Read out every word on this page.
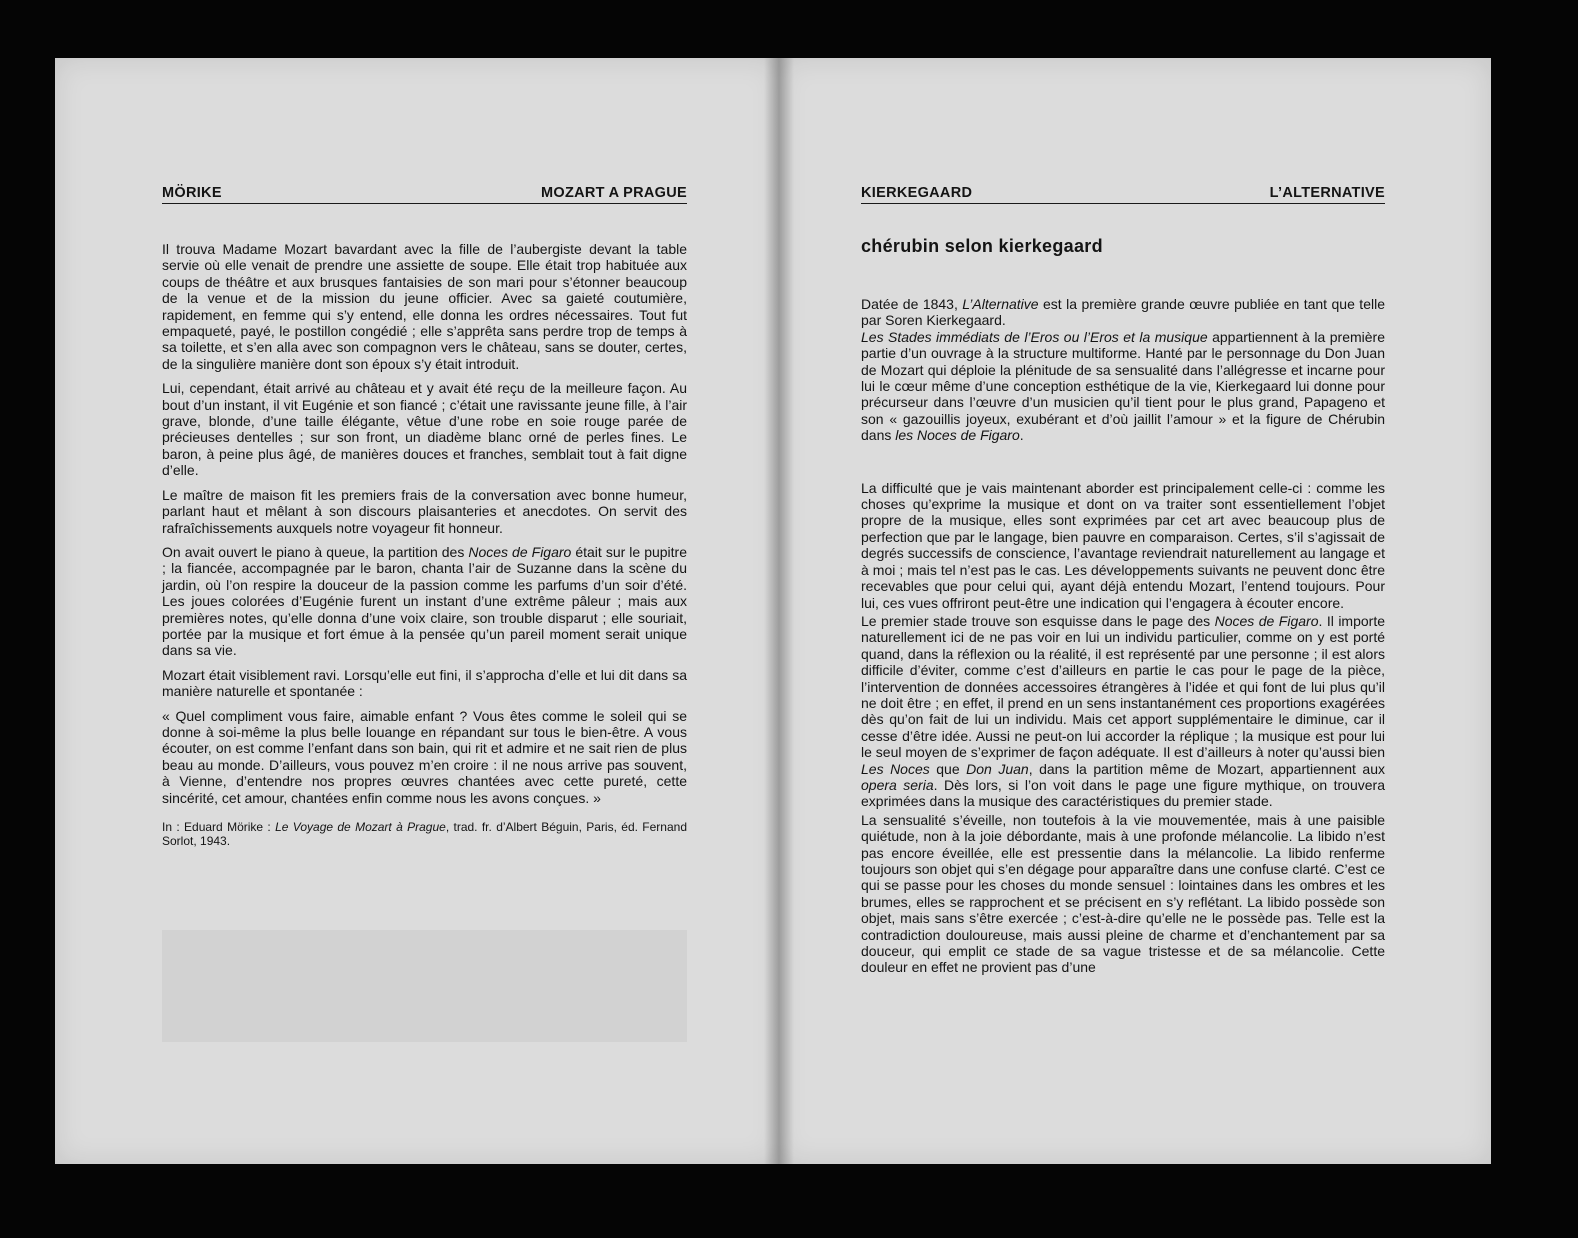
MÖRIKE	MOZART A PRAGUE

Il trouva Madame Mozart bavardant avec la fille de l’aubergiste devant la table servie où elle venait de prendre une assiette de soupe. Elle était trop habituée aux coups de théâtre et aux brusques fantaisies de son mari pour s’étonner beaucoup de la venue et de la mission du jeune officier. Avec sa gaieté coutumière, rapidement, en femme qui s’y entend, elle donna les ordres nécessaires. Tout fut empaqueté, payé, le postillon congédié ; elle s’apprêta sans perdre trop de temps à sa toilette, et s’en alla avec son compagnon vers le château, sans se douter, certes, de la singulière manière dont son époux s’y était introduit.

Lui, cependant, était arrivé au château et y avait été reçu de la meilleure façon. Au bout d’un instant, il vit Eugénie et son fiancé ; c’était une ravissante jeune fille, à l’air grave, blonde, d’une taille élégante, vêtue d’une robe en soie rouge parée de précieuses dentelles ; sur son front, un diadème blanc orné de perles fines. Le baron, à peine plus âgé, de manières douces et franches, semblait tout à fait digne d’elle.

Le maître de maison fit les premiers frais de la conversation avec bonne humeur, parlant haut et mêlant à son discours plaisanteries et anecdotes. On servit des rafraîchissements auxquels notre voyageur fit honneur.

On avait ouvert le piano à queue, la partition des Noces de Figaro était sur le pupitre ; la fiancée, accompagnée par le baron, chanta l’air de Suzanne dans la scène du jardin, où l’on respire la douceur de la passion comme les parfums d’un soir d’été. Les joues colorées d’Eugénie furent un instant d’une extrême pâleur ; mais aux premières notes, qu’elle donna d’une voix claire, son trouble disparut ; elle souriait, portée par la musique et fort émue à la pensée qu’un pareil moment serait unique dans sa vie.

Mozart était visiblement ravi. Lorsqu’elle eut fini, il s’approcha d’elle et lui dit dans sa manière naturelle et spontanée :

« Quel compliment vous faire, aimable enfant ? Vous êtes comme le soleil qui se donne à soi-même la plus belle louange en répandant sur tous le bien-être. A vous écouter, on est comme l’enfant dans son bain, qui rit et admire et ne sait rien de plus beau au monde. D’ailleurs, vous pouvez m’en croire : il ne nous arrive pas souvent, à Vienne, d’entendre nos propres œuvres chantées avec cette pureté, cette sincérité, cet amour, chantées enfin comme nous les avons conçues. »

In : Eduard Mörike : Le Voyage de Mozart à Prague, trad. fr. d’Albert Béguin, Paris, éd. Fernand Sorlot, 1943.
KIERKEGAARD	L’ALTERNATIVE
chérubin selon kierkegaard

Datée de 1843, L’Alternative est la première grande œuvre publiée en tant que telle par Soren Kierkegaard.
Les Stades immédiats de l’Eros ou l’Eros et la musique appartiennent à la première partie d’un ouvrage à la structure multiforme. Hanté par le personnage du Don Juan de Mozart qui déploie la plénitude de sa sensualité dans l’allégresse et incarne pour lui le cœur même d’une conception esthétique de la vie, Kierkegaard lui donne pour précurseur dans l’œuvre d’un musicien qu’il tient pour le plus grand, Papageno et son « gazouillis joyeux, exubérant et d’où jaillit l’amour » et la figure de Chérubin dans les Noces de Figaro.

La difficulté que je vais maintenant aborder est principalement celle-ci : comme les choses qu’exprime la musique et dont on va traiter sont essentiellement l’objet propre de la musique, elles sont exprimées par cet art avec beaucoup plus de perfection que par le langage, bien pauvre en comparaison. Certes, s’il s’agissait de degrés successifs de conscience, l’avantage reviendrait naturellement au langage et à moi ; mais tel n’est pas le cas. Les développements suivants ne peuvent donc être recevables que pour celui qui, ayant déjà entendu Mozart, l’entend toujours. Pour lui, ces vues offriront peut-être une indication qui l’engagera à écouter encore.

Le premier stade trouve son esquisse dans le page des Noces de Figaro. Il importe naturellement ici de ne pas voir en lui un individu particulier, comme on y est porté quand, dans la réflexion ou la réalité, il est représenté par une personne ; il est alors difficile d’éviter, comme c’est d’ailleurs en partie le cas pour le page de la pièce, l’intervention de données accessoires étrangères à l’idée et qui font de lui plus qu’il ne doit être ; en effet, il prend en un sens instantanément ces proportions exagérées dès qu’on fait de lui un individu. Mais cet apport supplémentaire le diminue, car il cesse d’être idée. Aussi ne peut-on lui accorder la réplique ; la musique est pour lui le seul moyen de s’exprimer de façon adéquate. Il est d’ailleurs à noter qu’aussi bien Les Noces que Don Juan, dans la partition même de Mozart, appartiennent aux opera seria. Dès lors, si l’on voit dans le page une figure mythique, on trouvera exprimées dans la musique des caractéristiques du premier stade.

La sensualité s’éveille, non toutefois à la vie mouvementée, mais à une paisible quiétude, non à la joie débordante, mais à une profonde mélancolie. La libido n’est pas encore éveillée, elle est pressentie dans la mélancolie. La libido renferme toujours son objet qui s’en dégage pour apparaître dans une confuse clarté. C’est ce qui se passe pour les choses du monde sensuel : lointaines dans les ombres et les brumes, elles se rapprochent et se précisent en s’y reflétant. La libido possède son objet, mais sans s’être exercée ; c’est-à-dire qu’elle ne le possède pas. Telle est la contradiction douloureuse, mais aussi pleine de charme et d’enchantement par sa douceur, qui emplit ce stade de sa vague tristesse et de sa mélancolie. Cette douleur en effet ne provient pas d’une
